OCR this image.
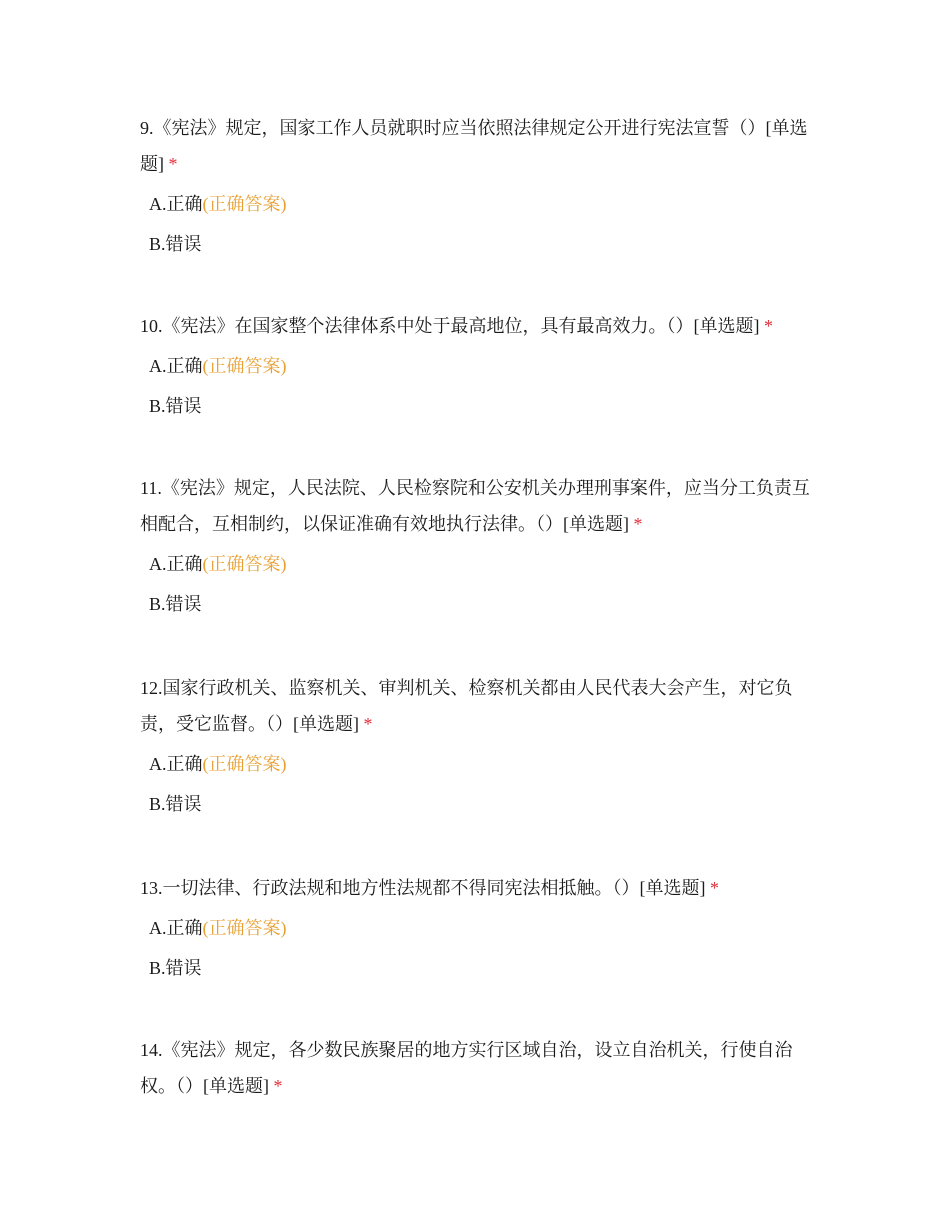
9.《宪法》规定，国家工作人员就职时应当依照法律规定公开进行宪法宣誓（）[单选题] *

A.正确(正确答案)
B.错误

10.《宪法》在国家整个法律体系中处于最高地位，具有最高效力。（）[单选题] *

A.正确(正确答案)
B.错误

11.《宪法》规定，人民法院、人民检察院和公安机关办理刑事案件，应当分工负责互相配合，互相制约，以保证准确有效地执行法律。（）[单选题] *

A.正确(正确答案)
B.错误

12.国家行政机关、监察机关、审判机关、检察机关都由人民代表大会产生，对它负责，受它监督。（）[单选题] *

A.正确(正确答案)
B.错误

13.一切法律、行政法规和地方性法规都不得同宪法相抵触。（）[单选题] *

A.正确(正确答案)
B.错误

14.《宪法》规定，各少数民族聚居的地方实行区域自治，设立自治机关，行使自治权。（）[单选题] *
